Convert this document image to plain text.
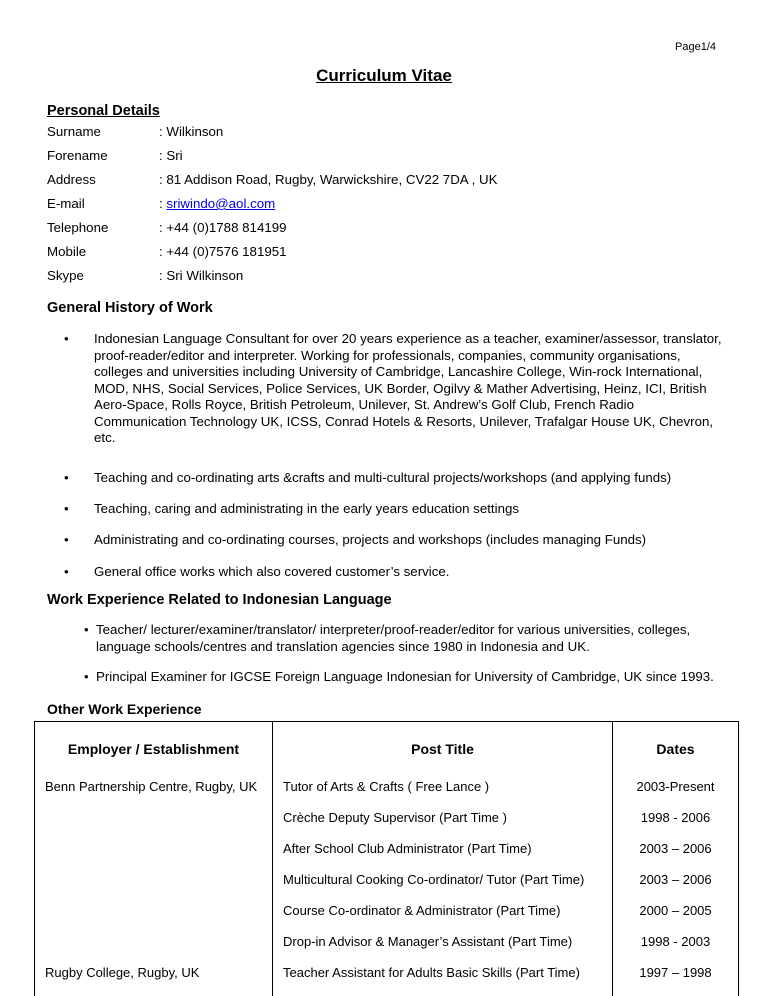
Page1/4
Curriculum Vitae
Personal Details
Surname	: Wilkinson
Forename	: Sri
Address	: 81 Addison Road, Rugby, Warwickshire, CV22 7DA , UK
E-mail	: sriwindo@aol.com
Telephone	: +44 (0)1788 814199
Mobile	: +44 (0)7576 181951
Skype	: Sri Wilkinson
General History of Work
• Indonesian Language Consultant for over 20 years experience as a teacher, examiner/assessor, translator, proof-reader/editor and interpreter. Working for professionals, companies, community organisations, colleges and universities including University of Cambridge, Lancashire College, Win-rock International, MOD, NHS, Social Services, Police Services, UK Border, Ogilvy & Mather Advertising, Heinz, ICI, British Aero-Space, Rolls Royce, British Petroleum, Unilever, St. Andrew’s Golf Club, French Radio Communication Technology UK, ICSS, Conrad Hotels & Resorts, Unilever, Trafalgar House UK, Chevron, etc.
• Teaching and co-ordinating arts &crafts and multi-cultural projects/workshops (and applying funds)
• Teaching, caring and administrating in the early years education settings
• Administrating and co-ordinating courses, projects and workshops (includes managing Funds)
• General office works which also covered customer’s service.
Work Experience Related to Indonesian Language
• Teacher/ lecturer/examiner/translator/ interpreter/proof-reader/editor for various universities, colleges, language schools/centres and translation agencies since 1980 in Indonesia and UK.
• Principal Examiner for IGCSE Foreign Language Indonesian for University of Cambridge, UK since 1993.
Other Work Experience
Employer / Establishment	Post Title	Dates
Benn Partnership Centre, Rugby, UK	Tutor of Arts & Crafts ( Free Lance )	2003-Present
	Crèche Deputy Supervisor (Part Time )	1998 - 2006
	After School Club Administrator (Part Time)	2003 – 2006
	Multicultural Cooking Co-ordinator/ Tutor (Part Time)	2003 – 2006
	Course Co-ordinator & Administrator (Part Time)	2000 – 2005
	Drop-in Advisor & Manager’s Assistant (Part Time)	1998 - 2003
Rugby College, Rugby, UK	Teacher Assistant for Adults Basic Skills (Part Time)	1997 – 1998
